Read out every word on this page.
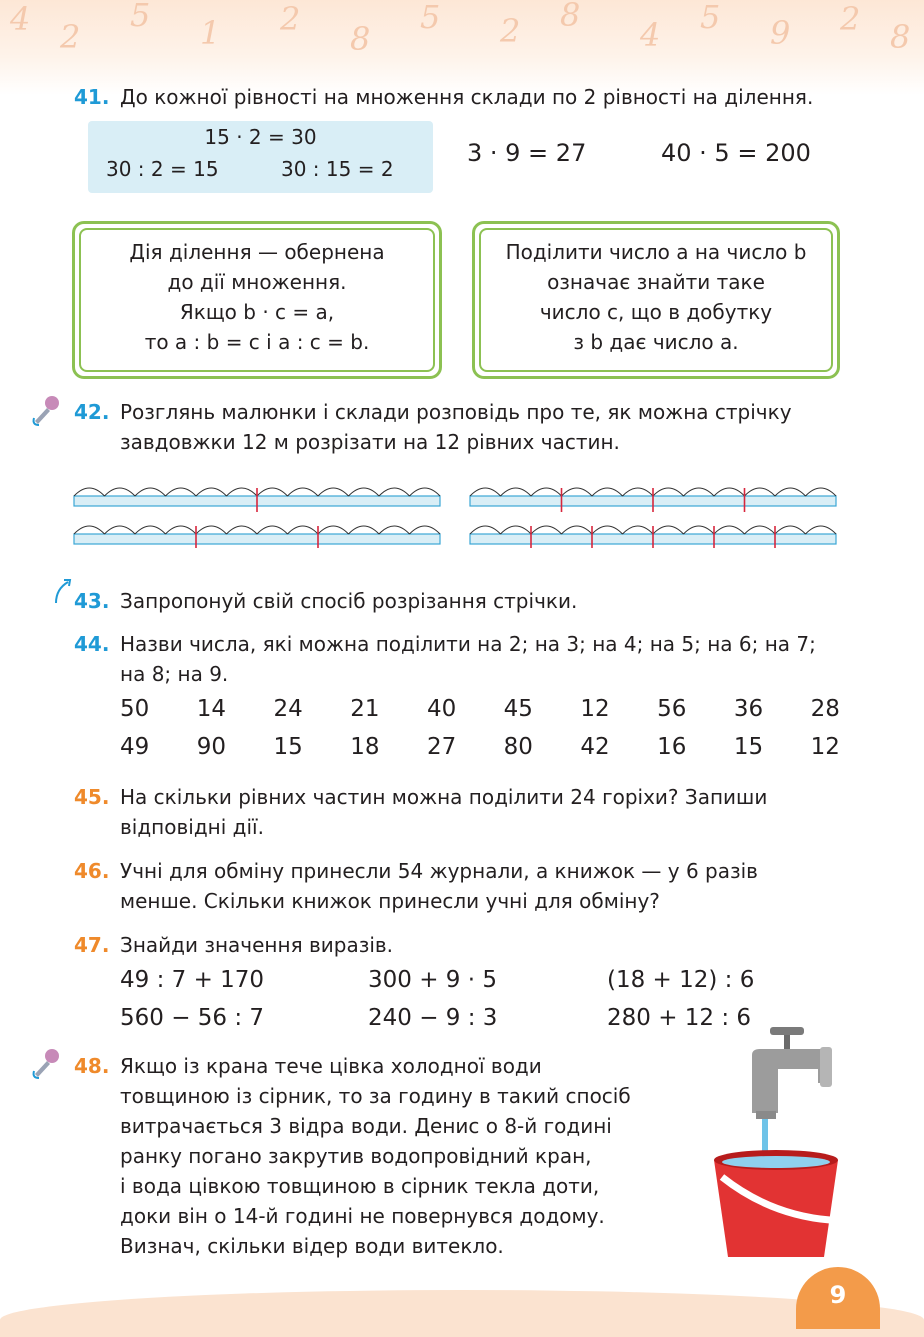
4 2
5 1 2
8
5 2 8
4 5 9 2 8
9
41. До кожної рівності на множення склади по 2 рівності на ділення.
15 · 2 = 30
30 : 2 = 15	30 : 15 = 2
3 · 9 = 27	40 · 5 = 200
Дія ділення — обернена
до дії множення.
Якщо b · c = a,
то a : b = c і a : c = b.
Поділити число a на число b
означає знайти таке
число c, що в добутку
з b дає число a.
42. Розглянь малюнки і склади розповідь про те, як можна стрічку
завдовжки 12 м розрізати на 12 рівних частин.
43. Запропонуй свій спосіб розрізання стрічки.
44. Назви числа, які можна поділити на 2; на 3; на 4; на 5; на 6; на 7;
на 8; на 9.
50 14 24 21 40 45 12 56 36 28
49 90 15 18 27 80 42 16 15 12
45. На скільки рівних частин можна поділити 24 горіхи? Запиши
відповідні дії.
46. Учні для обміну принесли 54 журнали, а книжок — у 6 разів
менше. Скільки книжок принесли учні для обміну?
47. Знайди значення виразів.
49 : 7 + 170	300 + 9 · 5	(18 + 12) : 6
560 − 56 : 7	240 − 9 : 3	280 + 12 : 6
48. Якщо із крана тече цівка холодної води
товщиною із сірник, то за годину в такий спосіб
витрачається 3 відра води. Денис о 8-й годині
ранку погано закрутив водопровідний кран,
і вода цівкою товщиною в сірник текла доти,
доки він о 14-й годині не повернувся додому.
Визнач, скільки відер води витекло.
